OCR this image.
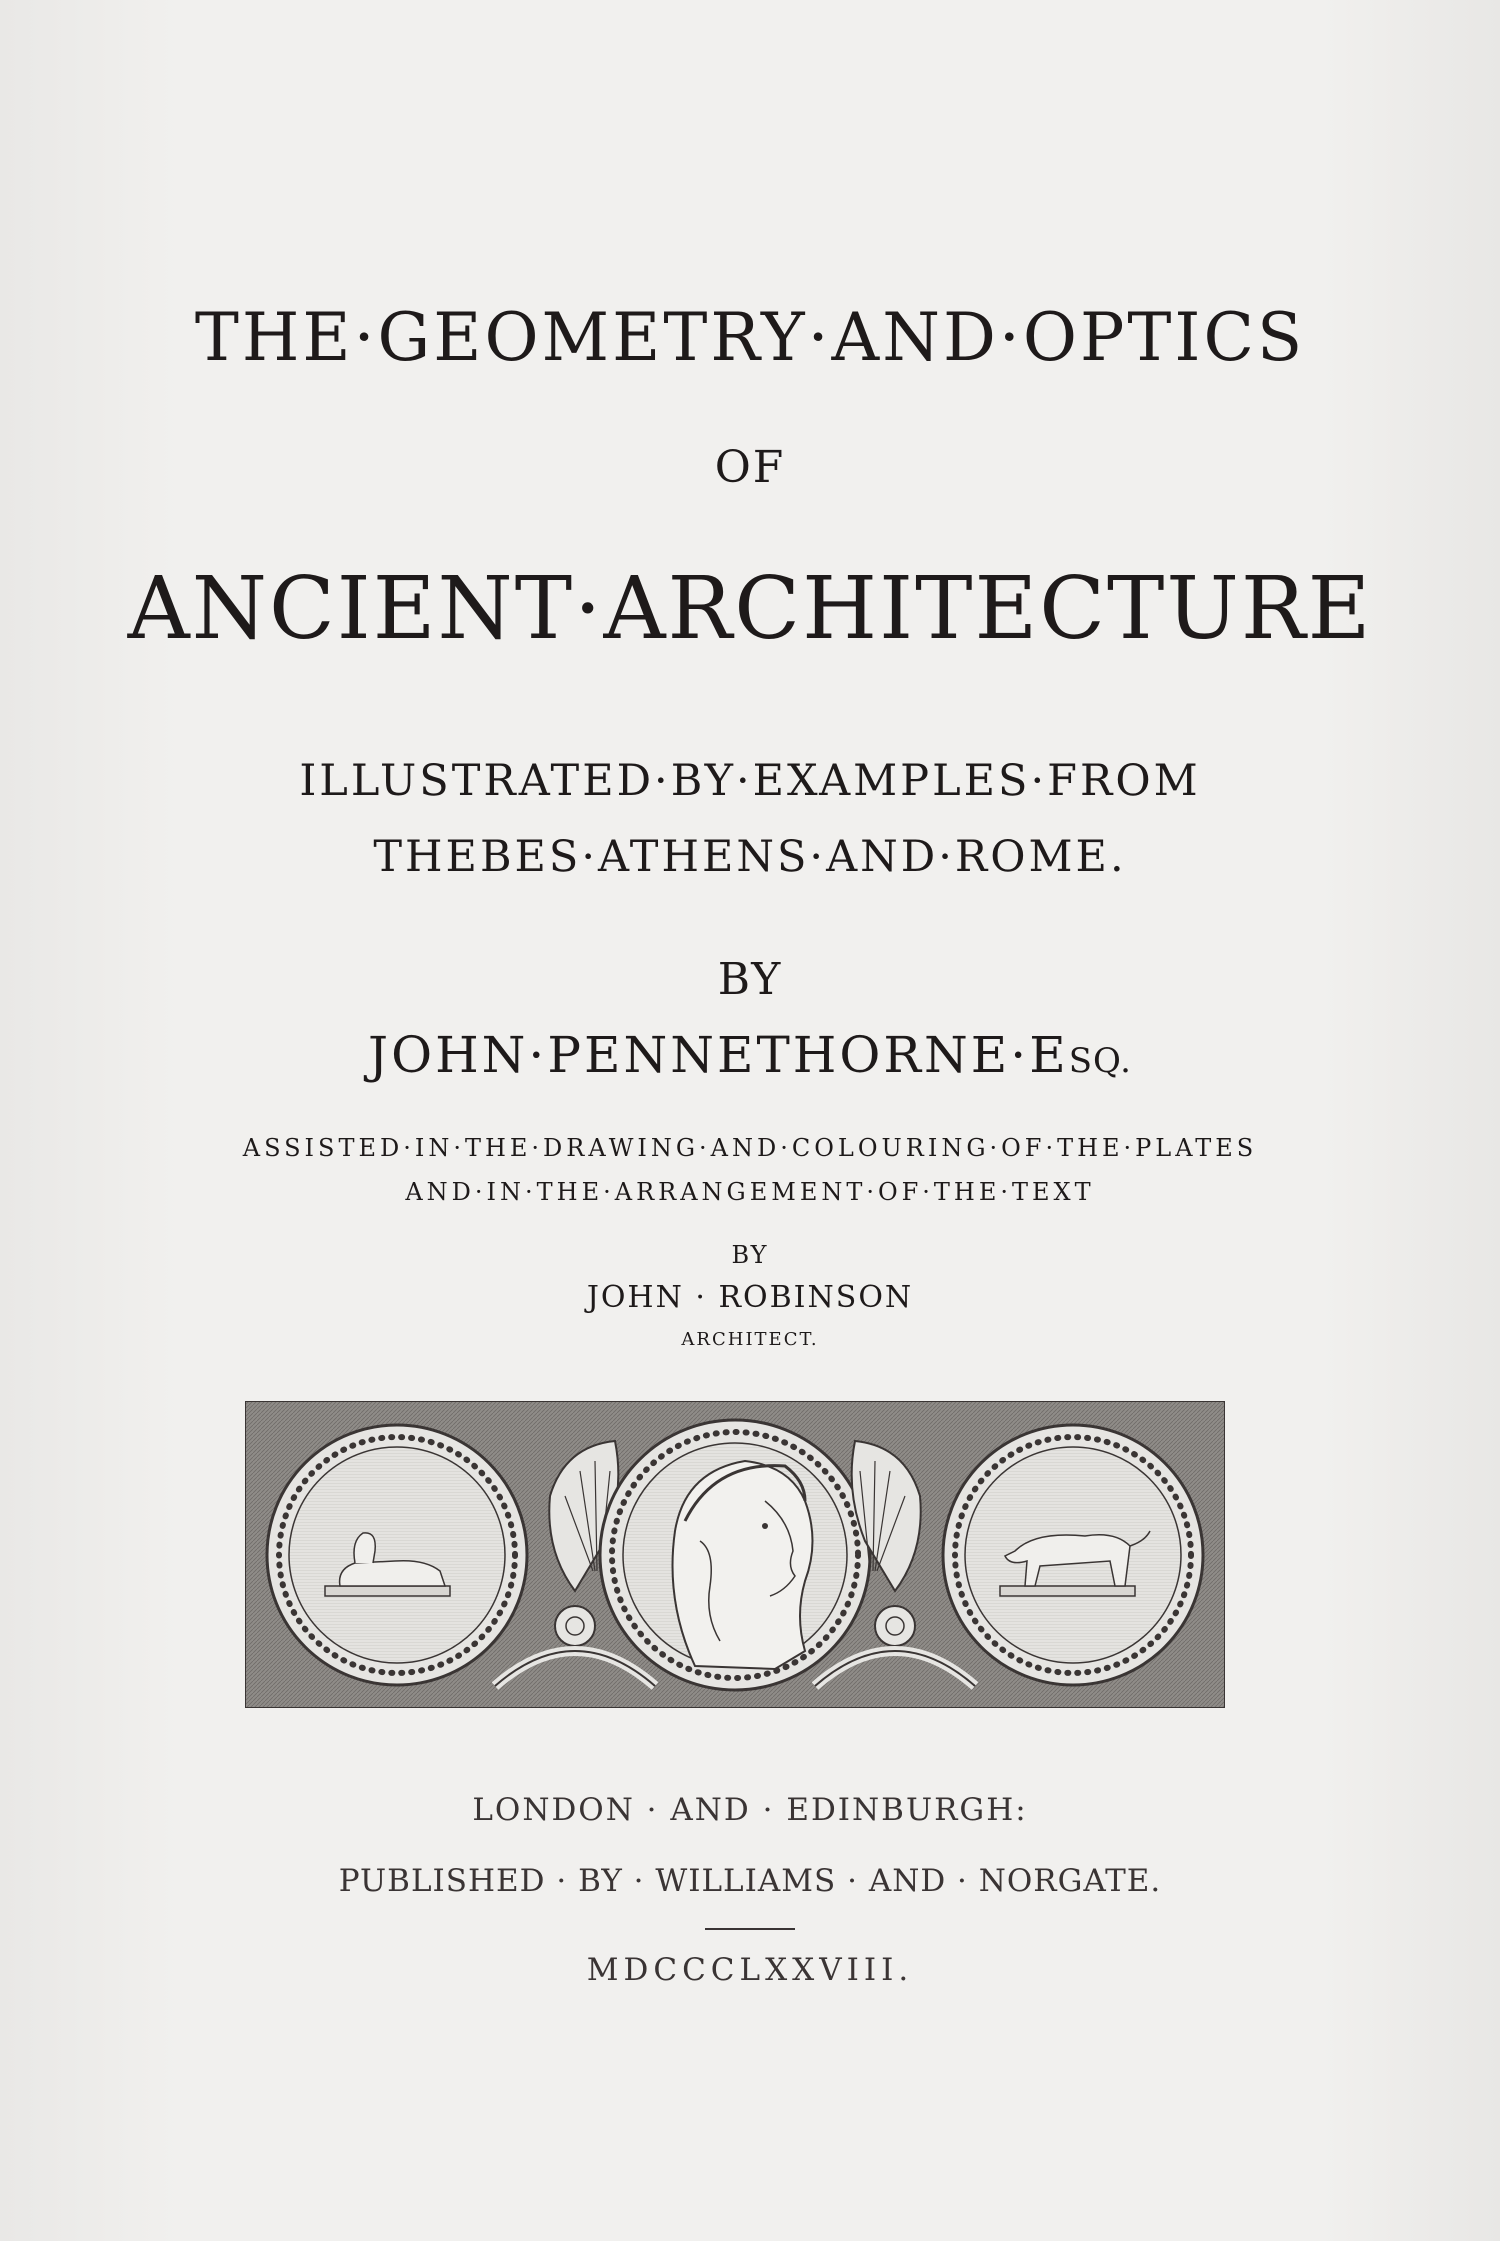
THE·GEOMETRY·AND·OPTICS
OF
ANCIENT·ARCHITECTURE
ILLUSTRATED·BY·EXAMPLES·FROM
THEBES·ATHENS·AND·ROME.
BY
JOHN·PENNETHORNE·ESQ.
ASSISTED·IN·THE·DRAWING·AND·COLOURING·OF·THE·PLATES
AND·IN·THE·ARRANGEMENT·OF·THE·TEXT
BY
JOHN · ROBINSON
ARCHITECT.
LONDON · AND · EDINBURGH:
PUBLISHED · BY · WILLIAMS · AND · NORGATE.
MDCCCLXXVIII.
